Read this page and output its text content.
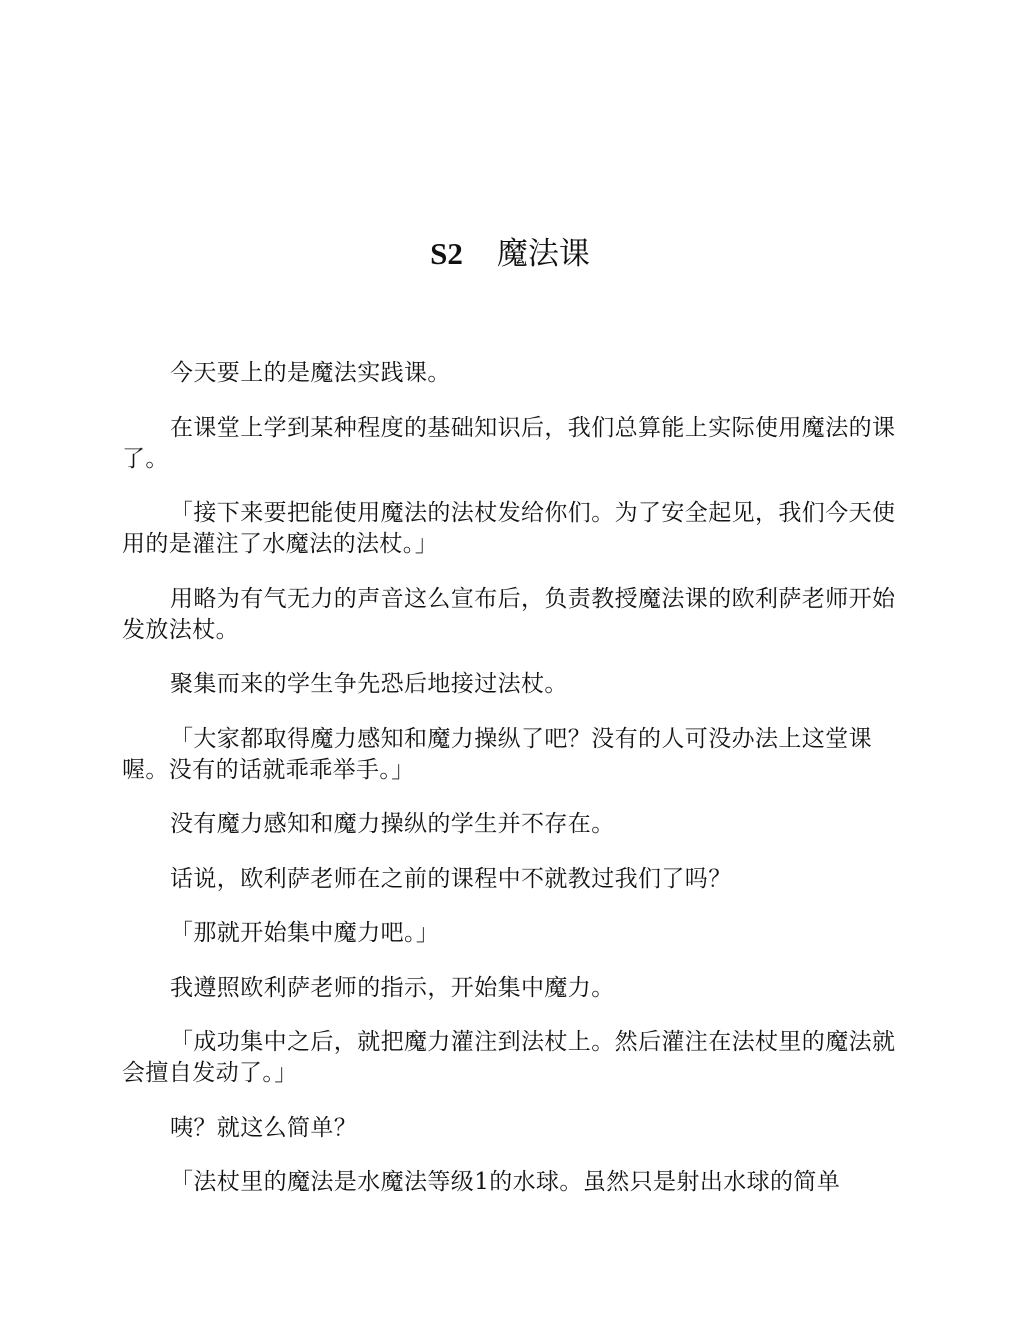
S2 魔法课

今天要上的是魔法实践课。

在课堂上学到某种程度的基础知识后，我们总算能上实际使用魔法的课了。

「接下来要把能使用魔法的法杖发给你们。为了安全起见，我们今天使用的是灌注了水魔法的法杖。」

用略为有气无力的声音这么宣布后，负责教授魔法课的欧利萨老师开始发放法杖。

聚集而来的学生争先恐后地接过法杖。

「大家都取得魔力感知和魔力操纵了吧？没有的人可没办法上这堂课喔。没有的话就乖乖举手。」

没有魔力感知和魔力操纵的学生并不存在。

话说，欧利萨老师在之前的课程中不就教过我们了吗？

「那就开始集中魔力吧。」

我遵照欧利萨老师的指示，开始集中魔力。

「成功集中之后，就把魔力灌注到法杖上。然后灌注在法杖里的魔法就会擅自发动了。」

咦？就这么简单？

「法杖里的魔法是水魔法等级1的水球。虽然只是射出水球的简单
